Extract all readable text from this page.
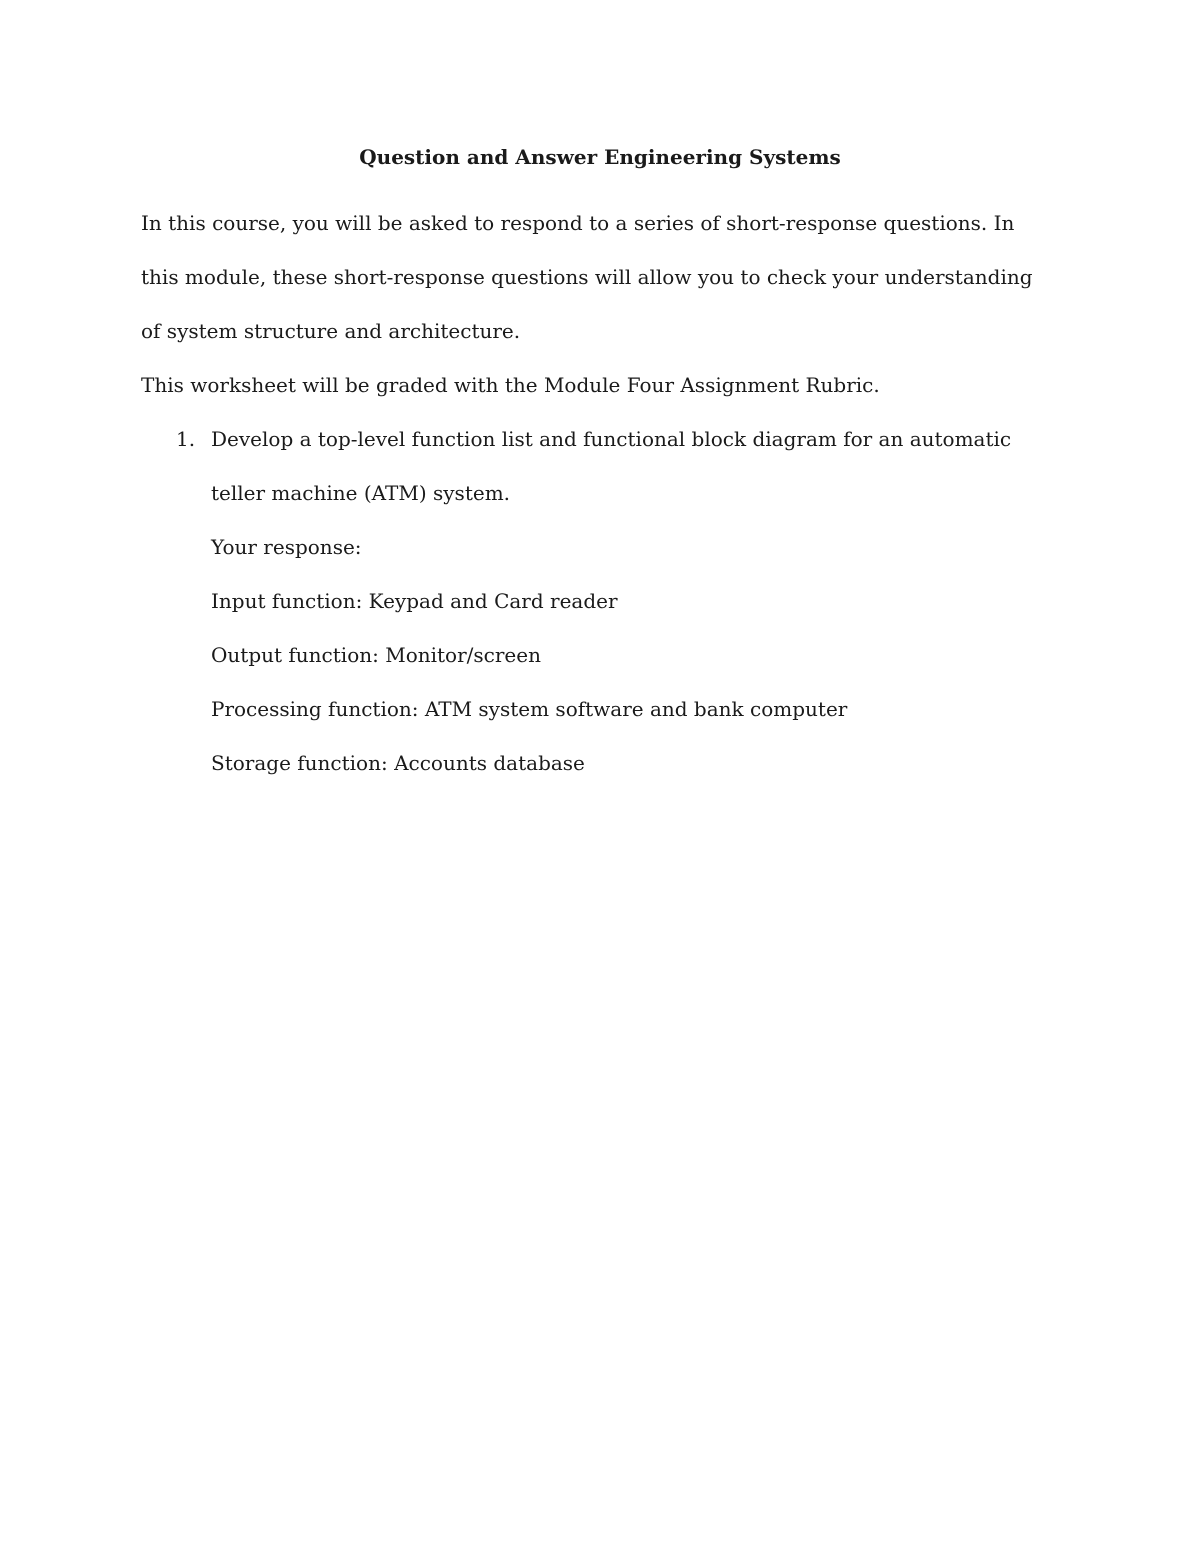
Question and Answer Engineering Systems

In this course, you will be asked to respond to a series of short-response questions. In this module, these short-response questions will allow you to check your understanding of system structure and architecture.

This worksheet will be graded with the Module Four Assignment Rubric.

1. Develop a top-level function list and functional block diagram for an automatic teller machine (ATM) system.

Your response:

Input function: Keypad and Card reader

Output function: Monitor/screen

Processing function: ATM system software and bank computer

Storage function: Accounts database
